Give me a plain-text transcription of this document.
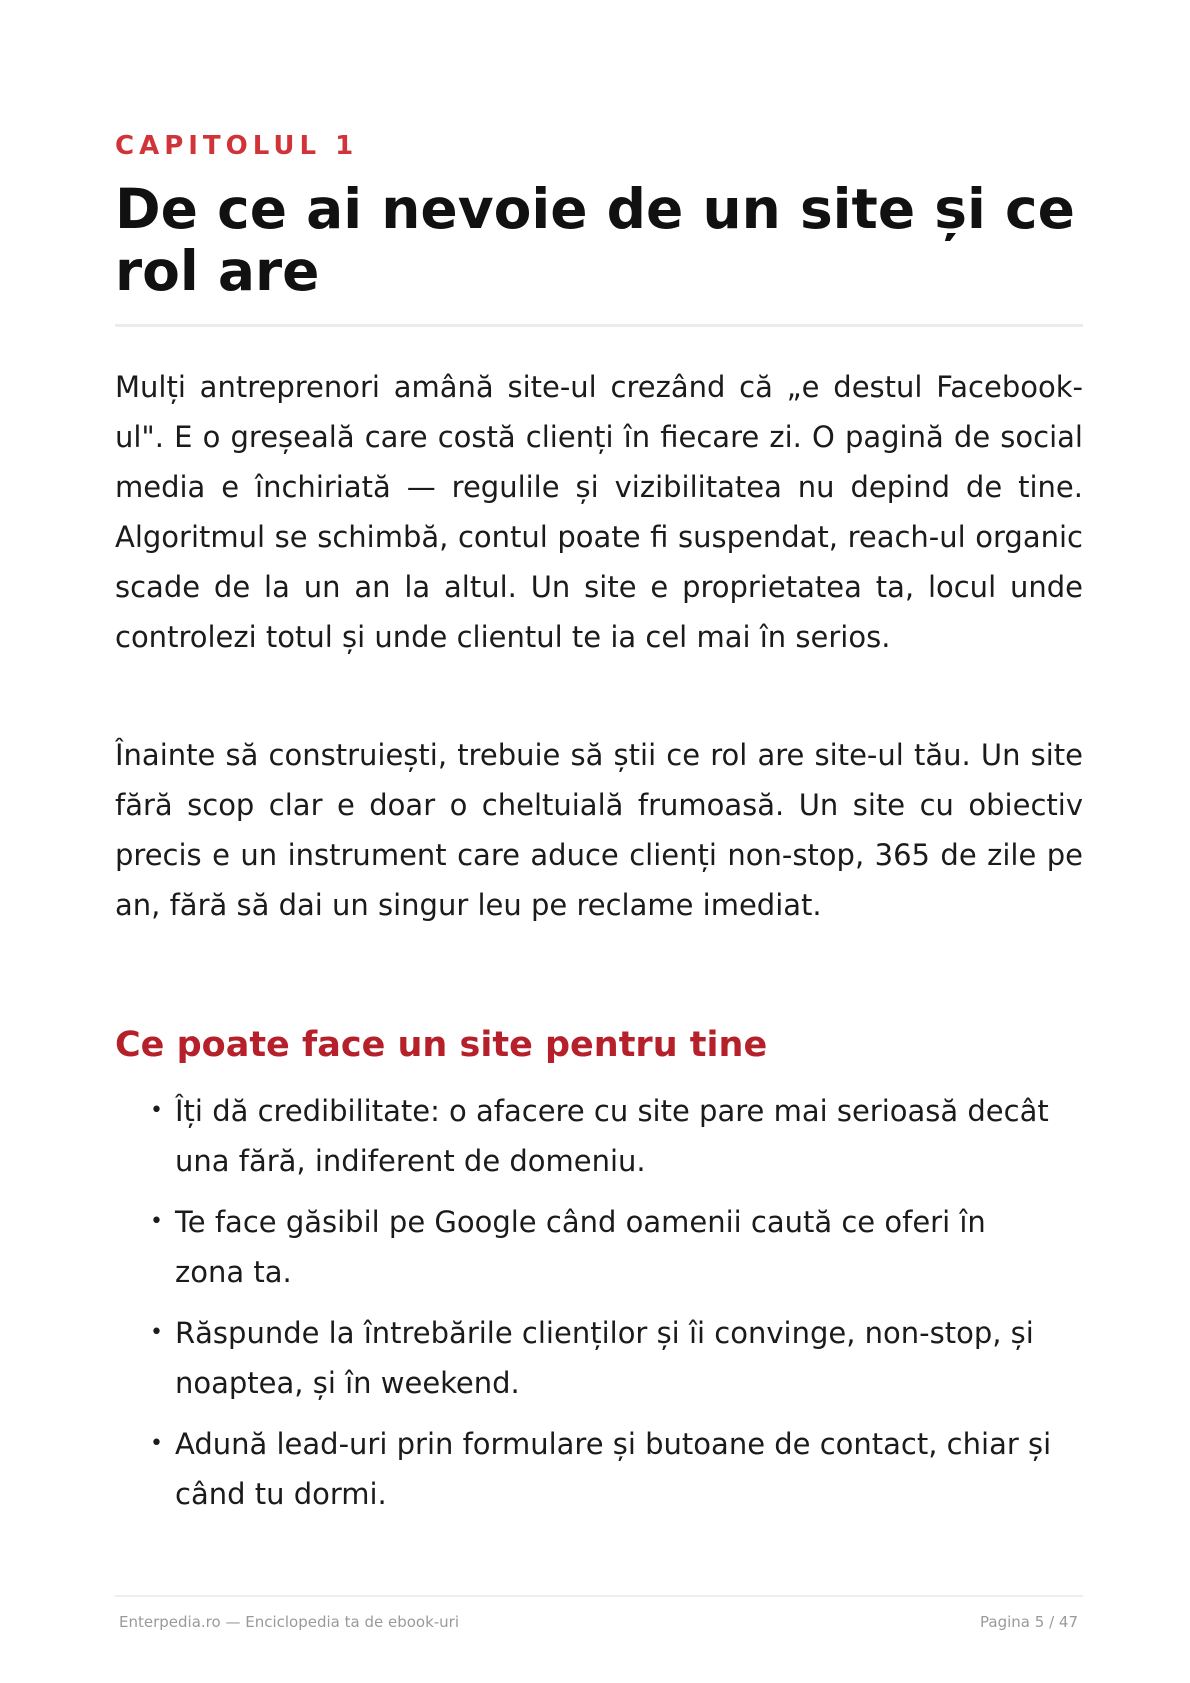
CAPITOLUL 1
De ce ai nevoie de un site și ce rol are

Mulți antreprenori amână site-ul crezând că „e destul Facebook-ul". E o greșeală care costă clienți în fiecare zi. O pagină de social media e închiriată — regulile și vizibilitatea nu depind de tine. Algoritmul se schimbă, contul poate fi suspendat, reach-ul organic scade de la un an la altul. Un site e proprietatea ta, locul unde controlezi totul și unde clientul te ia cel mai în serios.

Înainte să construiești, trebuie să știi ce rol are site-ul tău. Un site fără scop clar e doar o cheltuială frumoasă. Un site cu obiectiv precis e un instrument care aduce clienți non-stop, 365 de zile pe an, fără să dai un singur leu pe reclame imediat.

Ce poate face un site pentru tine
• Îți dă credibilitate: o afacere cu site pare mai serioasă decât una fără, indiferent de domeniu.
• Te face găsibil pe Google când oamenii caută ce oferi în zona ta.
• Răspunde la întrebările clienților și îi convinge, non-stop, și noaptea, și în weekend.
• Adună lead-uri prin formulare și butoane de contact, chiar și când tu dormi.
Enterpedia.ro — Enciclopedia ta de ebook-uri	Pagina 5 / 47
